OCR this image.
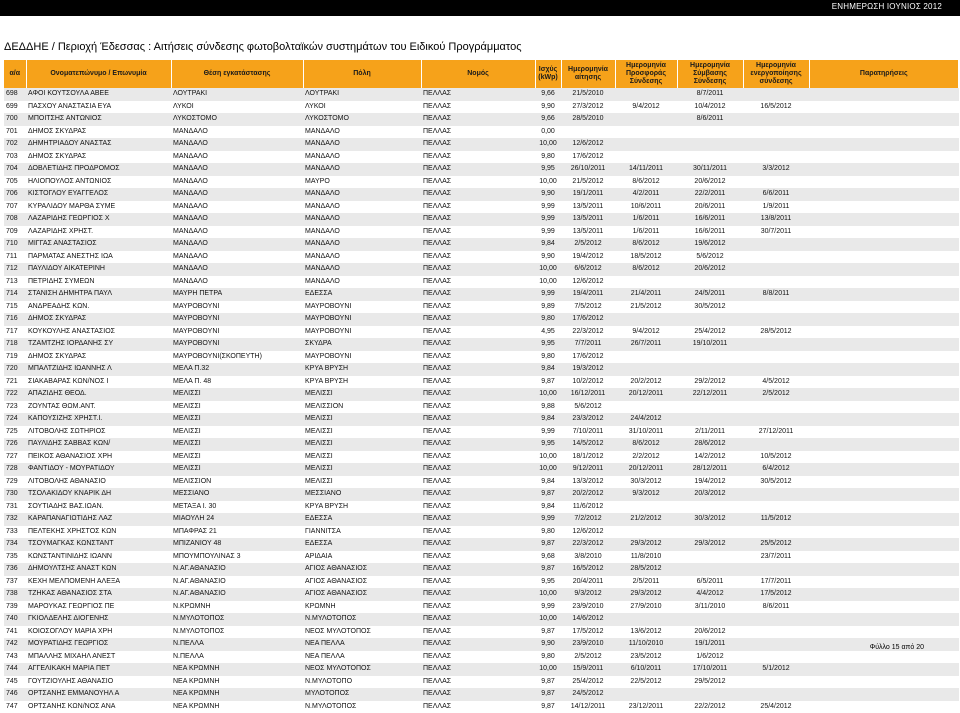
ΕΝΗΜΕΡΩΣΗ ΙΟΥΝΙΟΣ 2012
ΔΕΔΔΗΕ / Περιοχή Έδεσσας : Αιτήσεις σύνδεσης φωτοβολταϊκών συστημάτων του Ειδικού Προγράμματος
α/α	Ονοματεπώνυμο / Επωνυμία	Θέση εγκατάστασης	Πόλη	Νομός	Ισχύς (kWp)	Ημερομηνία αίτησης	Ημερομηνία Προσφοράς Σύνδεσης	Ημερομηνία Σύμβασης Σύνδεσης	Ημερομηνία ενεργοποίησης σύνδεσης	Παρατηρήσεις
698	ΑΦΟΙ ΚΟΥΤΣΟΥΛΑ ΑΒΕΕ	ΛΟΥΤΡΑΚΙ	ΛΟΥΤΡΑΚΙ	ΠΕΛΛΑΣ	9,66	21/5/2010		8/7/2011		
699	ΠΑΣΧΟΥ ΑΝΑΣΤΑΣΙΑ ΕΥΑ	ΛΥΚΟΙ	ΛΥΚΟΙ	ΠΕΛΛΑΣ	9,90	27/3/2012	9/4/2012	10/4/2012	16/5/2012	
700	ΜΠΟΙΤΣΗΣ ΑΝΤΩΝΙΟΣ	ΛΥΚΟΣΤΟΜΟ	ΛΥΚΟΣΤΟΜΟ	ΠΕΛΛΑΣ	9,66	28/5/2010		8/6/2011		
701	ΔΗΜΟΣ ΣΚΥΔΡΑΣ	ΜΑΝΔΑΛΟ	ΜΑΝΔΑΛΟ	ΠΕΛΛΑΣ	0,00					
702	ΔΗΜΗΤΡΙΑΔΟΥ ΑΝΑΣΤΑΣ	ΜΑΝΔΑΛΟ	ΜΑΝΔΑΛΟ	ΠΕΛΛΑΣ	10,00	12/6/2012				
703	ΔΗΜΟΣ ΣΚΥΔΡΑΣ	ΜΑΝΔΑΛΟ	ΜΑΝΔΑΛΟ	ΠΕΛΛΑΣ	9,80	17/6/2012				
704	ΔΟΒΛΕΤΙΔΗΣ ΠΡΟΔΡΟΜΟΣ	ΜΑΝΔΑΛΟ	ΜΑΝΔΑΛΟ	ΠΕΛΛΑΣ	9,95	26/10/2011	14/11/2011	30/11/2011	3/3/2012	
705	ΗΛΙΟΠΟΥΛΟΣ ΑΝΤΩΝΙΟΣ	ΜΑΝΔΑΛΟ	ΜΑΥΡΟ	ΠΕΛΛΑΣ	10,00	21/5/2012	8/6/2012	20/6/2012		
706	ΚΙΣΤΟΓΛΟΥ ΕΥΑΓΓΕΛΟΣ	ΜΑΝΔΑΛΟ	ΜΑΝΔΑΛΟ	ΠΕΛΛΑΣ	9,90	19/1/2011	4/2/2011	22/2/2011	6/6/2011	
707	ΚΥΡΑΛΙΔΟΥ ΜΑΡΘΑ ΣΥΜΕ	ΜΑΝΔΑΛΟ	ΜΑΝΔΑΛΟ	ΠΕΛΛΑΣ	9,99	13/5/2011	10/6/2011	20/6/2011	1/9/2011	
708	ΛΑΖΑΡΙΔΗΣ ΓΕΩΡΓΙΟΣ Χ	ΜΑΝΔΑΛΟ	ΜΑΝΔΑΛΟ	ΠΕΛΛΑΣ	9,99	13/5/2011	1/6/2011	16/6/2011	13/8/2011	
709	ΛΑΖΑΡΙΔΗΣ ΧΡΗΣΤ.	ΜΑΝΔΑΛΟ	ΜΑΝΔΑΛΟ	ΠΕΛΛΑΣ	9,99	13/5/2011	1/6/2011	16/6/2011	30/7/2011	
710	ΜΙΓΓΑΣ ΑΝΑΣΤΑΣΙΟΣ	ΜΑΝΔΑΛΟ	ΜΑΝΔΑΛΟ	ΠΕΛΛΑΣ	9,84	2/5/2012	8/6/2012	19/6/2012		
711	ΠΑΡΜΑΤΑΣ ΑΝΕΣΤΗΣ ΙΩΑ	ΜΑΝΔΑΛΟ	ΜΑΝΔΑΛΟ	ΠΕΛΛΑΣ	9,90	19/4/2012	18/5/2012	5/6/2012		
712	ΠΑΥΛΙΔΟΥ ΑΙΚΑΤΕΡΙΝΗ	ΜΑΝΔΑΛΟ	ΜΑΝΔΑΛΟ	ΠΕΛΛΑΣ	10,00	6/6/2012	8/6/2012	20/6/2012		
713	ΠΕΤΡΙΔΗΣ ΣΥΜΕΩΝ	ΜΑΝΔΑΛΟ	ΜΑΝΔΑΛΟ	ΠΕΛΛΑΣ	10,00	12/6/2012				
714	ΣΤΑΝΙΣΗ ΔΗΜΗΤΡΑ ΠΑΥΛ	ΜΑΥΡΗ ΠΕΤΡΑ	ΕΔΕΣΣΑ	ΠΕΛΛΑΣ	9,99	19/4/2011	21/4/2011	24/5/2011	8/8/2011	
715	ΑΝΔΡΕΑΔΗΣ ΚΩΝ.	ΜΑΥΡΟΒΟΥΝΙ	ΜΑΥΡΟΒΟΥΝΙ	ΠΕΛΛΑΣ	9,89	7/5/2012	21/5/2012	30/5/2012		
716	ΔΗΜΟΣ ΣΚΥΔΡΑΣ	ΜΑΥΡΟΒΟΥΝΙ	ΜΑΥΡΟΒΟΥΝΙ	ΠΕΛΛΑΣ	9,80	17/6/2012				
717	ΚΟΥΚΟΥΛΗΣ ΑΝΑΣΤΑΣΙΟΣ	ΜΑΥΡΟΒΟΥΝΙ	ΜΑΥΡΟΒΟΥΝΙ	ΠΕΛΛΑΣ	4,95	22/3/2012	9/4/2012	25/4/2012	28/5/2012	
718	ΤΖΑΜΤΖΗΣ ΙΟΡΔΑΝΗΣ ΣΥ	ΜΑΥΡΟΒΟΥΝΙ	ΣΚΥΔΡΑ	ΠΕΛΛΑΣ	9,95	7/7/2011	26/7/2011	19/10/2011		
719	ΔΗΜΟΣ ΣΚΥΔΡΑΣ	ΜΑΥΡΟΒΟΥΝΙ(ΣΚΟΠΕΥΤΗ)	ΜΑΥΡΟΒΟΥΝΙ	ΠΕΛΛΑΣ	9,80	17/6/2012				
720	ΜΠΑΛΤΖΙΔΗΣ ΙΩΑΝΝΗΣ Λ	ΜΕΛΑ Π.32	ΚΡΥΑ ΒΡΥΣΗ	ΠΕΛΛΑΣ	9,84	19/3/2012				
721	ΣΙΑΚΑΒΑΡΑΣ ΚΩΝ/ΝΟΣ Ι	ΜΕΛΑ Π. 48	ΚΡΥΑ ΒΡΥΣΗ	ΠΕΛΛΑΣ	9,87	10/2/2012	20/2/2012	29/2/2012	4/5/2012	
722	ΑΠΑΖΙΔΗΣ ΘΕΟΔ.	ΜΕΛΙΣΣΙ	ΜΕΛΙΣΣΙ	ΠΕΛΛΑΣ	10,00	16/12/2011	20/12/2011	22/12/2011	2/5/2012	
723	ΖΟΥΝΤΑΣ ΘΩΜ.ΑΝΤ.	ΜΕΛΙΣΣΙ	ΜΕΛΙΣΣΙΟΝ	ΠΕΛΛΑΣ	9,88	5/6/2012				
724	ΚΑΠΟΥΣΙΖΗΣ ΧΡΗΣΤ.Ι.	ΜΕΛΙΣΣΙ	ΜΕΛΙΣΣΙ	ΠΕΛΛΑΣ	9,84	23/3/2012	24/4/2012			
725	ΛΙΤΟΒΟΛΗΣ ΣΩΤΗΡΙΟΣ	ΜΕΛΙΣΣΙ	ΜΕΛΙΣΣΙ	ΠΕΛΛΑΣ	9,99	7/10/2011	31/10/2011	2/11/2011	27/12/2011	
726	ΠΑΥΛΙΔΗΣ ΣΑΒΒΑΣ ΚΩΝ/	ΜΕΛΙΣΣΙ	ΜΕΛΙΣΣΙ	ΠΕΛΛΑΣ	9,95	14/5/2012	8/6/2012	28/6/2012		
727	ΠΕΙΚΟΣ ΑΘΑΝΑΣΙΟΣ ΧΡΗ	ΜΕΛΙΣΣΙ	ΜΕΛΙΣΣΙ	ΠΕΛΛΑΣ	10,00	18/1/2012	2/2/2012	14/2/2012	10/5/2012	
728	ΦΑΝΤΙΔΟΥ - ΜΟΥΡΑΤΙΔΟΥ	ΜΕΛΙΣΣΙ	ΜΕΛΙΣΣΙ	ΠΕΛΛΑΣ	10,00	9/12/2011	20/12/2011	28/12/2011	6/4/2012	
729	ΛΙΤΟΒΟΛΗΣ ΑΘΑΝΑΣΙΟ	ΜΕΛΙΣΣΙΟΝ	ΜΕΛΙΣΣΙ	ΠΕΛΛΑΣ	9,84	13/3/2012	30/3/2012	19/4/2012	30/5/2012	
730	ΤΣΟΛΑΚΙΔΟΥ ΚΝΑΡΙΚ ΔΗ	ΜΕΣΣΙΑΝΟ	ΜΕΣΣΙΑΝΟ	ΠΕΛΛΑΣ	9,87	20/2/2012	9/3/2012	20/3/2012		
731	ΣΟΥΤΙΑΔΗΣ ΒΑΣ.ΙΩΑΝ.	ΜΕΤΑΞΑ Ι. 30	ΚΡΥΑ ΒΡΥΣΗ	ΠΕΛΛΑΣ	9,84	11/6/2012				
732	ΚΑΡΑΠΑΝΑΓΙΩΤΙΔΗΣ ΛΑΖ	ΜΙΑΟΥΛΗ 24	ΕΔΕΣΣΑ	ΠΕΛΛΑΣ	9,99	7/2/2012	21/2/2012	30/3/2012	11/5/2012	
733	ΠΕΛΤΕΚΗΣ ΧΡΗΣΤΟΣ ΚΩΝ	ΜΠΑΦΡΑΣ 21	ΓΙΑΝΝΙΤΣΑ	ΠΕΛΛΑΣ	9,80	12/6/2012				
734	ΤΣΟΥΜΑΓΚΑΣ ΚΩΝΣΤΑΝΤ	ΜΠΙΖΑΝΙΟΥ 48	ΕΔΕΣΣΑ	ΠΕΛΛΑΣ	9,87	22/3/2012	29/3/2012	29/3/2012	25/5/2012	
735	ΚΩΝΣΤΑΝΤΙΝΙΔΗΣ ΙΩΑΝΝ	ΜΠΟΥΜΠΟΥΛΙΝΑΣ 3	ΑΡΙΔΑΙΑ	ΠΕΛΛΑΣ	9,68	3/8/2010	11/8/2010		23/7/2011	
736	ΔΗΜΟΥΛΤΣΗΣ ΑΝΑΣΤ ΚΩΝ	Ν.ΑΓ.ΑΘΑΝΑΣΙΟ	ΑΓΙΟΣ ΑΘΑΝΑΣΙΟΣ	ΠΕΛΛΑΣ	9,87	16/5/2012	28/5/2012			
737	ΚΕΧΗ ΜΕΛΠΟΜΕΝΗ ΑΛΕΞΑ	Ν.ΑΓ.ΑΘΑΝΑΣΙΟ	ΑΓΙΟΣ ΑΘΑΝΑΣΙΟΣ	ΠΕΛΛΑΣ	9,95	20/4/2011	2/5/2011	6/5/2011	17/7/2011	
738	ΤΖΗΚΑΣ ΑΘΑΝΑΣΙΟΣ ΣΤΑ	Ν.ΑΓ.ΑΘΑΝΑΣΙΟ	ΑΓΙΟΣ ΑΘΑΝΑΣΙΟΣ	ΠΕΛΛΑΣ	10,00	9/3/2012	29/3/2012	4/4/2012	17/5/2012	
739	ΜΑΡΟΥΚΑΣ ΓΕΩΡΓΙΟΣ ΠΕ	Ν.ΚΡΩΜΝΗ	ΚΡΩΜΝΗ	ΠΕΛΛΑΣ	9,99	23/9/2010	27/9/2010	3/11/2010	8/6/2011	
740	ΓΚΙΟΛΔΕΛΗΣ ΔΙΟΓΕΝΗΣ	Ν.ΜΥΛΟΤΟΠΟΣ	Ν.ΜΥΛΟΤΟΠΟΣ	ΠΕΛΛΑΣ	10,00	14/6/2012				
741	ΚΟΙΟΣΟΓΛΟΥ ΜΑΡΙΑ ΧΡΗ	Ν.ΜΥΛΟΤΟΠΟΣ	ΝΕΟΣ ΜΥΛΟΤΟΠΟΣ	ΠΕΛΛΑΣ	9,87	17/5/2012	13/6/2012	20/6/2012		
742	ΜΟΥΡΑΤΙΔΗΣ ΓΕΩΡΓΙΟΣ	Ν.ΠΕΛΛΑ	ΝΕΑ ΠΕΛΛΑ	ΠΕΛΛΑΣ	9,90	23/9/2010	11/10/2010	19/1/2011		
743	ΜΠΑΛΛΗΣ ΜΙΧΑΗΛ ΑΝΕΣΤ	Ν.ΠΕΛΛΑ	ΝΕΑ ΠΕΛΛΑ	ΠΕΛΛΑΣ	9,80	2/5/2012	23/5/2012	1/6/2012		
744	ΑΓΓΕΛΙΚΑΚΗ ΜΑΡΙΑ ΠΕΤ	ΝΕΑ ΚΡΩΜΝΗ	ΝΕΟΣ ΜΥΛΟΤΟΠΟΣ	ΠΕΛΛΑΣ	10,00	15/9/2011	6/10/2011	17/10/2011	5/1/2012	
745	ΓΟΥΤΖΙΟΥΛΗΣ ΑΘΑΝΑΣΙΟ	ΝΕΑ ΚΡΩΜΝΗ	Ν.ΜΥΛΟΤΟΠΟ	ΠΕΛΛΑΣ	9,87	25/4/2012	22/5/2012	29/5/2012		
746	ΟΡΤΣΑΝΗΣ ΕΜΜΑΝΟΥΗΛ Α	ΝΕΑ ΚΡΩΜΝΗ	ΜΥΛΟΤΟΠΟΣ	ΠΕΛΛΑΣ	9,87	24/5/2012				
747	ΟΡΤΣΑΝΗΣ ΚΩΝ/ΝΟΣ ΑΝΑ	ΝΕΑ ΚΡΩΜΝΗ	Ν.ΜΥΛΟΤΟΠΟΣ	ΠΕΛΛΑΣ	9,87	14/12/2011	23/12/2011	22/2/2012	25/4/2012	
Φύλλο 15 από 20
